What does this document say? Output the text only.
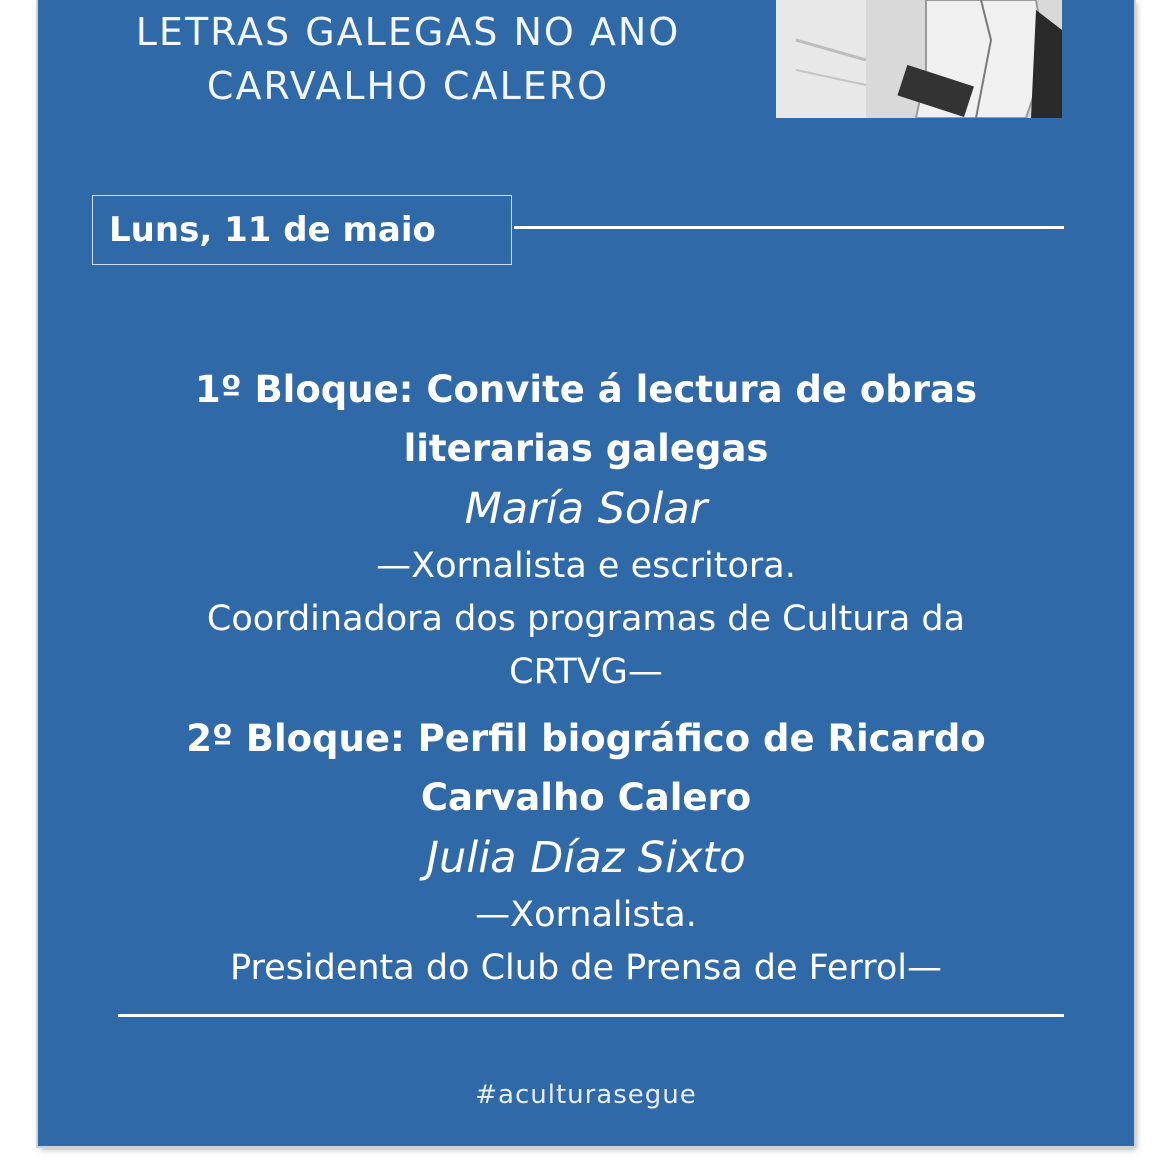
LETRAS GALEGAS NO ANO
CARVALHO CALERO
Luns, 11 de maio

1º Bloque: Convite á lectura de obras

literarias galegas

María Solar

—Xornalista e escritora.

Coordinadora dos programas de Cultura da

CRTVG—

2º Bloque: Perfil biográfico de Ricardo

Carvalho Calero

Julia Díaz Sixto

—Xornalista.

Presidenta do Club de Prensa de Ferrol—

#aculturasegue
